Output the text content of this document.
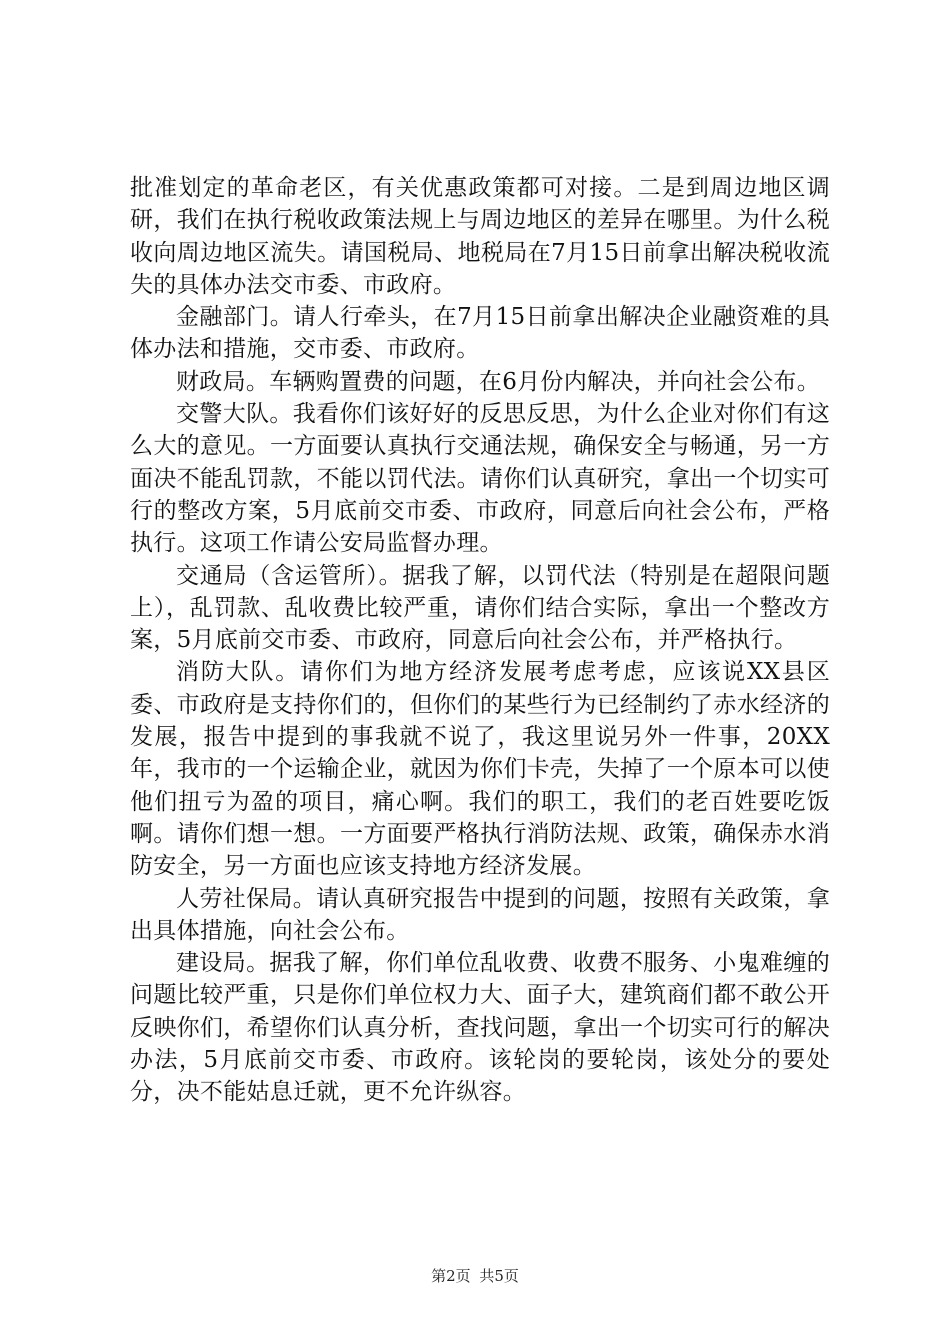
批准划定的革命老区，有关优惠政策都可对接。二是到周边地区调研，我们在执行税收政策法规上与周边地区的差异在哪里。为什么税收向周边地区流失。请国税局、地税局在7月15日前拿出解决税收流失的具体办法交市委、市政府。

金融部门。请人行牵头，在7月15日前拿出解决企业融资难的具体办法和措施，交市委、市政府。

财政局。车辆购置费的问题，在6月份内解决，并向社会公布。

交警大队。我看你们该好好的反思反思，为什么企业对你们有这么大的意见。一方面要认真执行交通法规，确保安全与畅通，另一方面决不能乱罚款，不能以罚代法。请你们认真研究，拿出一个切实可行的整改方案，5月底前交市委、市政府，同意后向社会公布，严格执行。这项工作请公安局监督办理。

交通局（含运管所）。据我了解，以罚代法（特别是在超限问题上），乱罚款、乱收费比较严重，请你们结合实际，拿出一个整改方案，5月底前交市委、市政府，同意后向社会公布，并严格执行。

消防大队。请你们为地方经济发展考虑考虑，应该说XX县区委、市政府是支持你们的，但你们的某些行为已经制约了赤水经济的发展，报告中提到的事我就不说了，我这里说另外一件事，20XX年，我市的一个运输企业，就因为你们卡壳，失掉了一个原本可以使他们扭亏为盈的项目，痛心啊。我们的职工，我们的老百姓要吃饭啊。请你们想一想。一方面要严格执行消防法规、政策，确保赤水消防安全，另一方面也应该支持地方经济发展。

人劳社保局。请认真研究报告中提到的问题，按照有关政策，拿出具体措施，向社会公布。

建设局。据我了解，你们单位乱收费、收费不服务、小鬼难缠的问题比较严重，只是你们单位权力大、面子大，建筑商们都不敢公开反映你们，希望你们认真分析，查找问题，拿出一个切实可行的解决办法，5月底前交市委、市政府。该轮岗的要轮岗，该处分的要处分，决不能姑息迁就，更不允许纵容。

第2页 共5页
